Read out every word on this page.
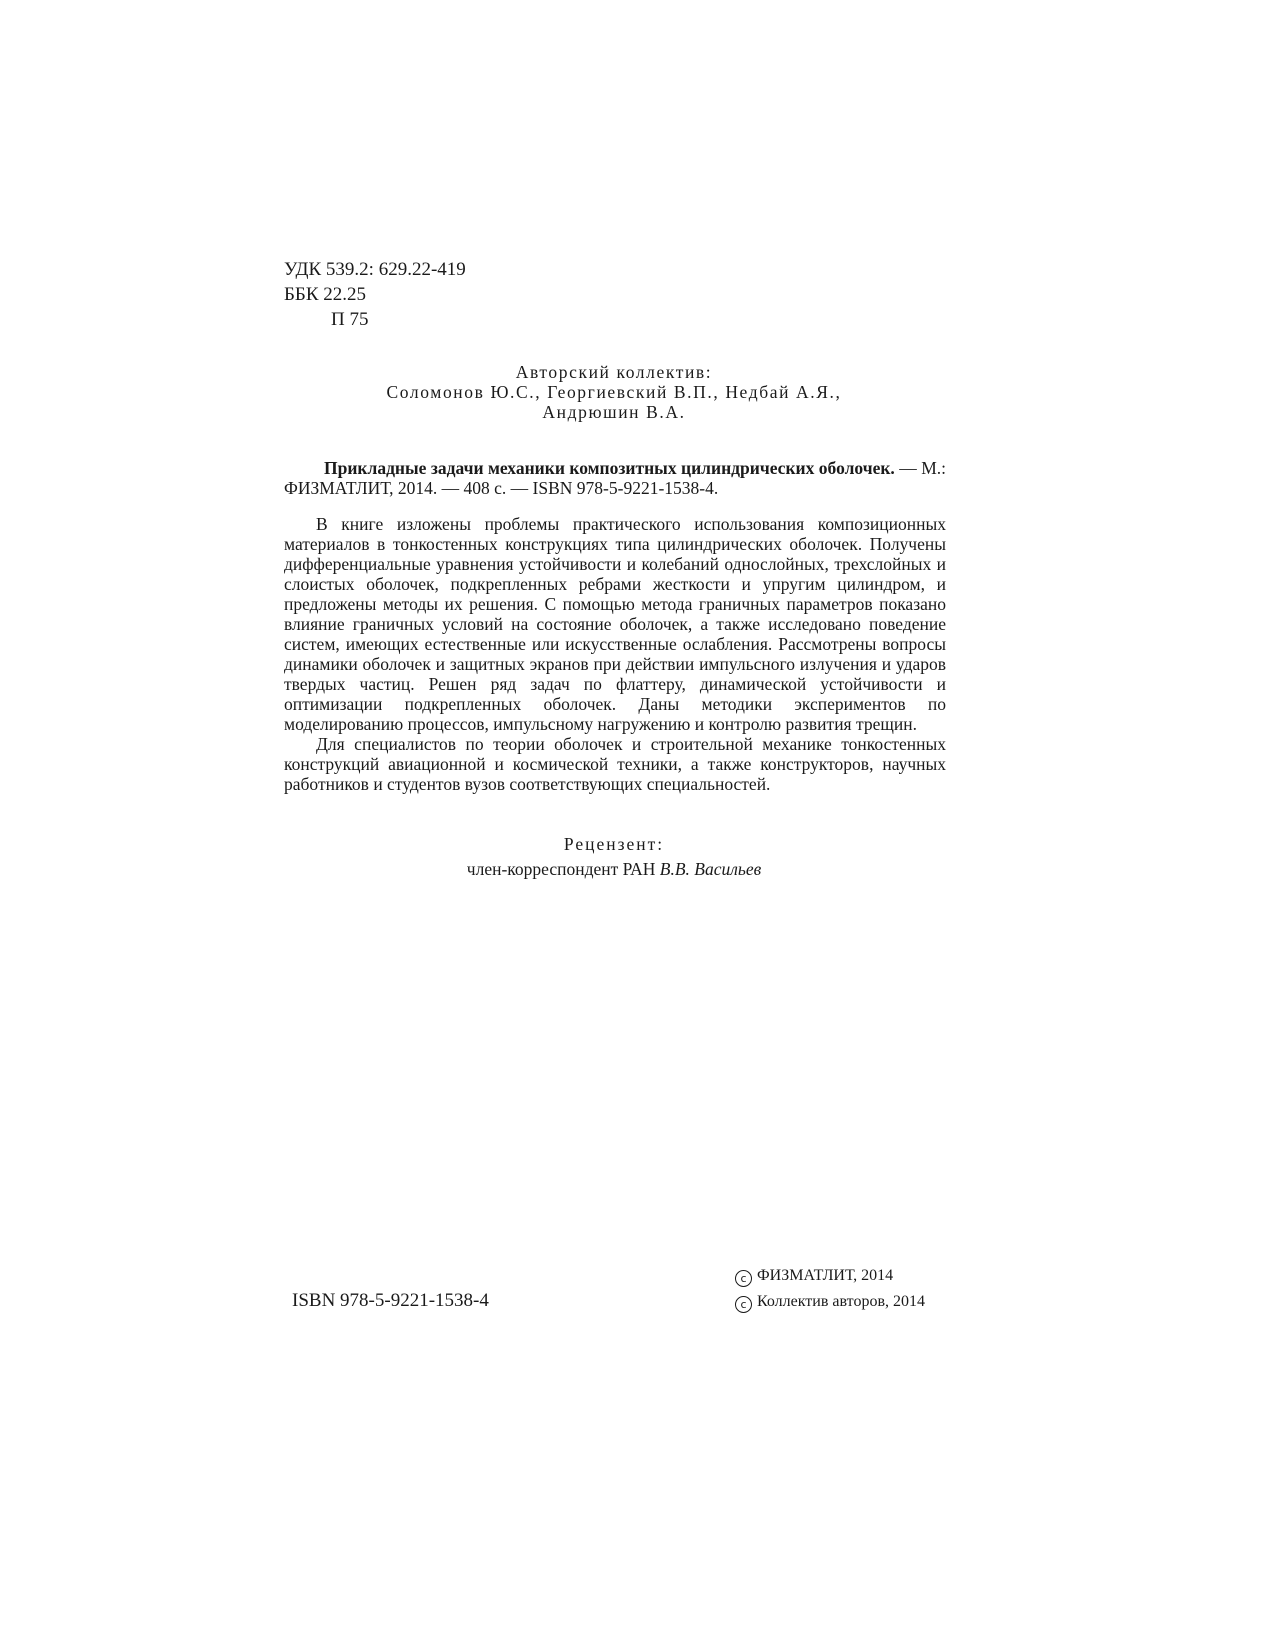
УДК 539.2: 629.22-419
ББК 22.25
П 75
Авторский коллектив:
Соломонов Ю.С., Георгиевский В.П., Недбай А.Я.,
Андрюшин В.А.
Прикладные задачи механики композитных цилиндрических оболочек. — М.: ФИЗМАТЛИТ, 2014. — 408 с. — ISBN 978-5-9221-1538-4.

В книге изложены проблемы практического использования композиционных материалов в тонкостенных конструкциях типа цилиндрических оболочек. Получены дифференциальные уравнения устойчивости и колебаний однослойных, трехслойных и слоистых оболочек, подкрепленных ребрами жесткости и упругим цилиндром, и предложены методы их решения. С помощью метода граничных параметров показано влияние граничных условий на состояние оболочек, а также исследовано поведение систем, имеющих естественные или искусственные ослабления. Рассмотрены вопросы динамики оболочек и защитных экранов при действии импульсного излучения и ударов твердых частиц. Решен ряд задач по флаттеру, динамической устойчивости и оптимизации подкрепленных оболочек. Даны методики экспериментов по моделированию процессов, импульсному нагружению и контролю развития трещин.

Для специалистов по теории оболочек и строительной механике тонкостенных конструкций авиационной и космической техники, а также конструкторов, научных работников и студентов вузов соответствующих специальностей.

Рецензент:
член-корреспондент РАН В.В. Васильев
ISBN 978-5-9221-1538-4
c ФИЗМАТЛИТ, 2014
c Коллектив авторов, 2014
